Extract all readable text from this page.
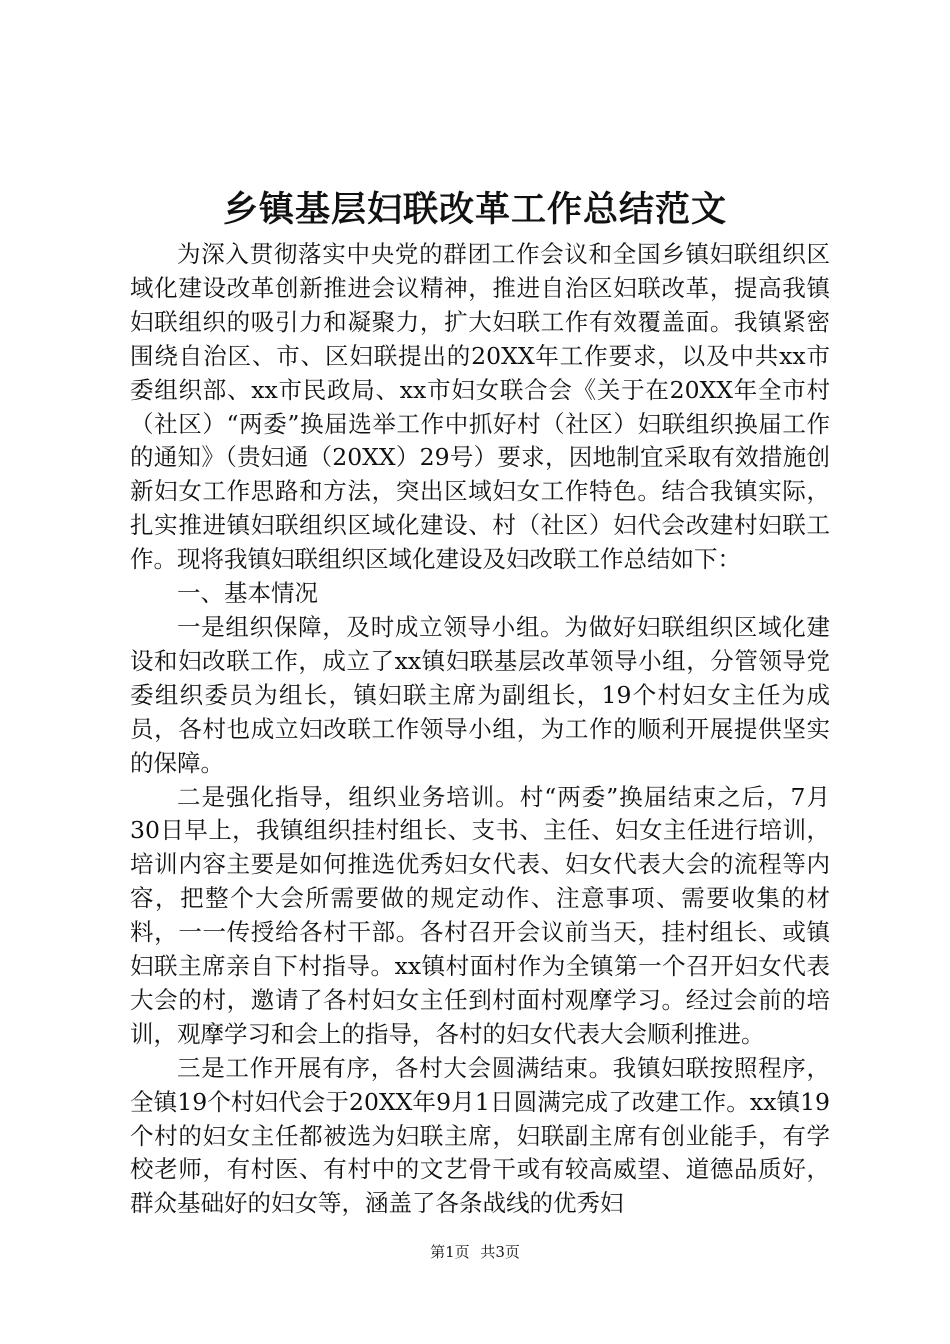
乡镇基层妇联改革工作总结范文

为深入贯彻落实中央党的群团工作会议和全国乡镇妇联组织区域化建设改革创新推进会议精神，推进自治区妇联改革，提高我镇妇联组织的吸引力和凝聚力，扩大妇联工作有效覆盖面。我镇紧密围绕自治区、市、区妇联提出的20XX年工作要求，以及中共xx市委组织部、xx市民政局、xx市妇女联合会《关于在20XX年全市村（社区）“两委”换届选举工作中抓好村（社区）妇联组织换届工作的通知》（贵妇通（20XX）29号）要求，因地制宜采取有效措施创新妇女工作思路和方法，突出区域妇女工作特色。结合我镇实际，扎实推进镇妇联组织区域化建设、村（社区）妇代会改建村妇联工作。现将我镇妇联组织区域化建设及妇改联工作总结如下：

一、基本情况

一是组织保障，及时成立领导小组。为做好妇联组织区域化建设和妇改联工作，成立了xx镇妇联基层改革领导小组，分管领导党委组织委员为组长，镇妇联主席为副组长，19个村妇女主任为成员，各村也成立妇改联工作领导小组，为工作的顺利开展提供坚实的保障。

二是强化指导，组织业务培训。村“两委”换届结束之后，7月30日早上，我镇组织挂村组长、支书、主任、妇女主任进行培训，培训内容主要是如何推选优秀妇女代表、妇女代表大会的流程等内容，把整个大会所需要做的规定动作、注意事项、需要收集的材料，一一传授给各村干部。各村召开会议前当天，挂村组长、或镇妇联主席亲自下村指导。xx镇村面村作为全镇第一个召开妇女代表大会的村，邀请了各村妇女主任到村面村观摩学习。经过会前的培训，观摩学习和会上的指导，各村的妇女代表大会顺利推进。

三是工作开展有序，各村大会圆满结束。我镇妇联按照程序，全镇19个村妇代会于20XX年9月1日圆满完成了改建工作。xx镇19个村的妇女主任都被选为妇联主席，妇联副主席有创业能手，有学校老师，有村医、有村中的文艺骨干或有较高威望、道德品质好，群众基础好的妇女等，涵盖了各条战线的优秀妇

第1页 共3页
